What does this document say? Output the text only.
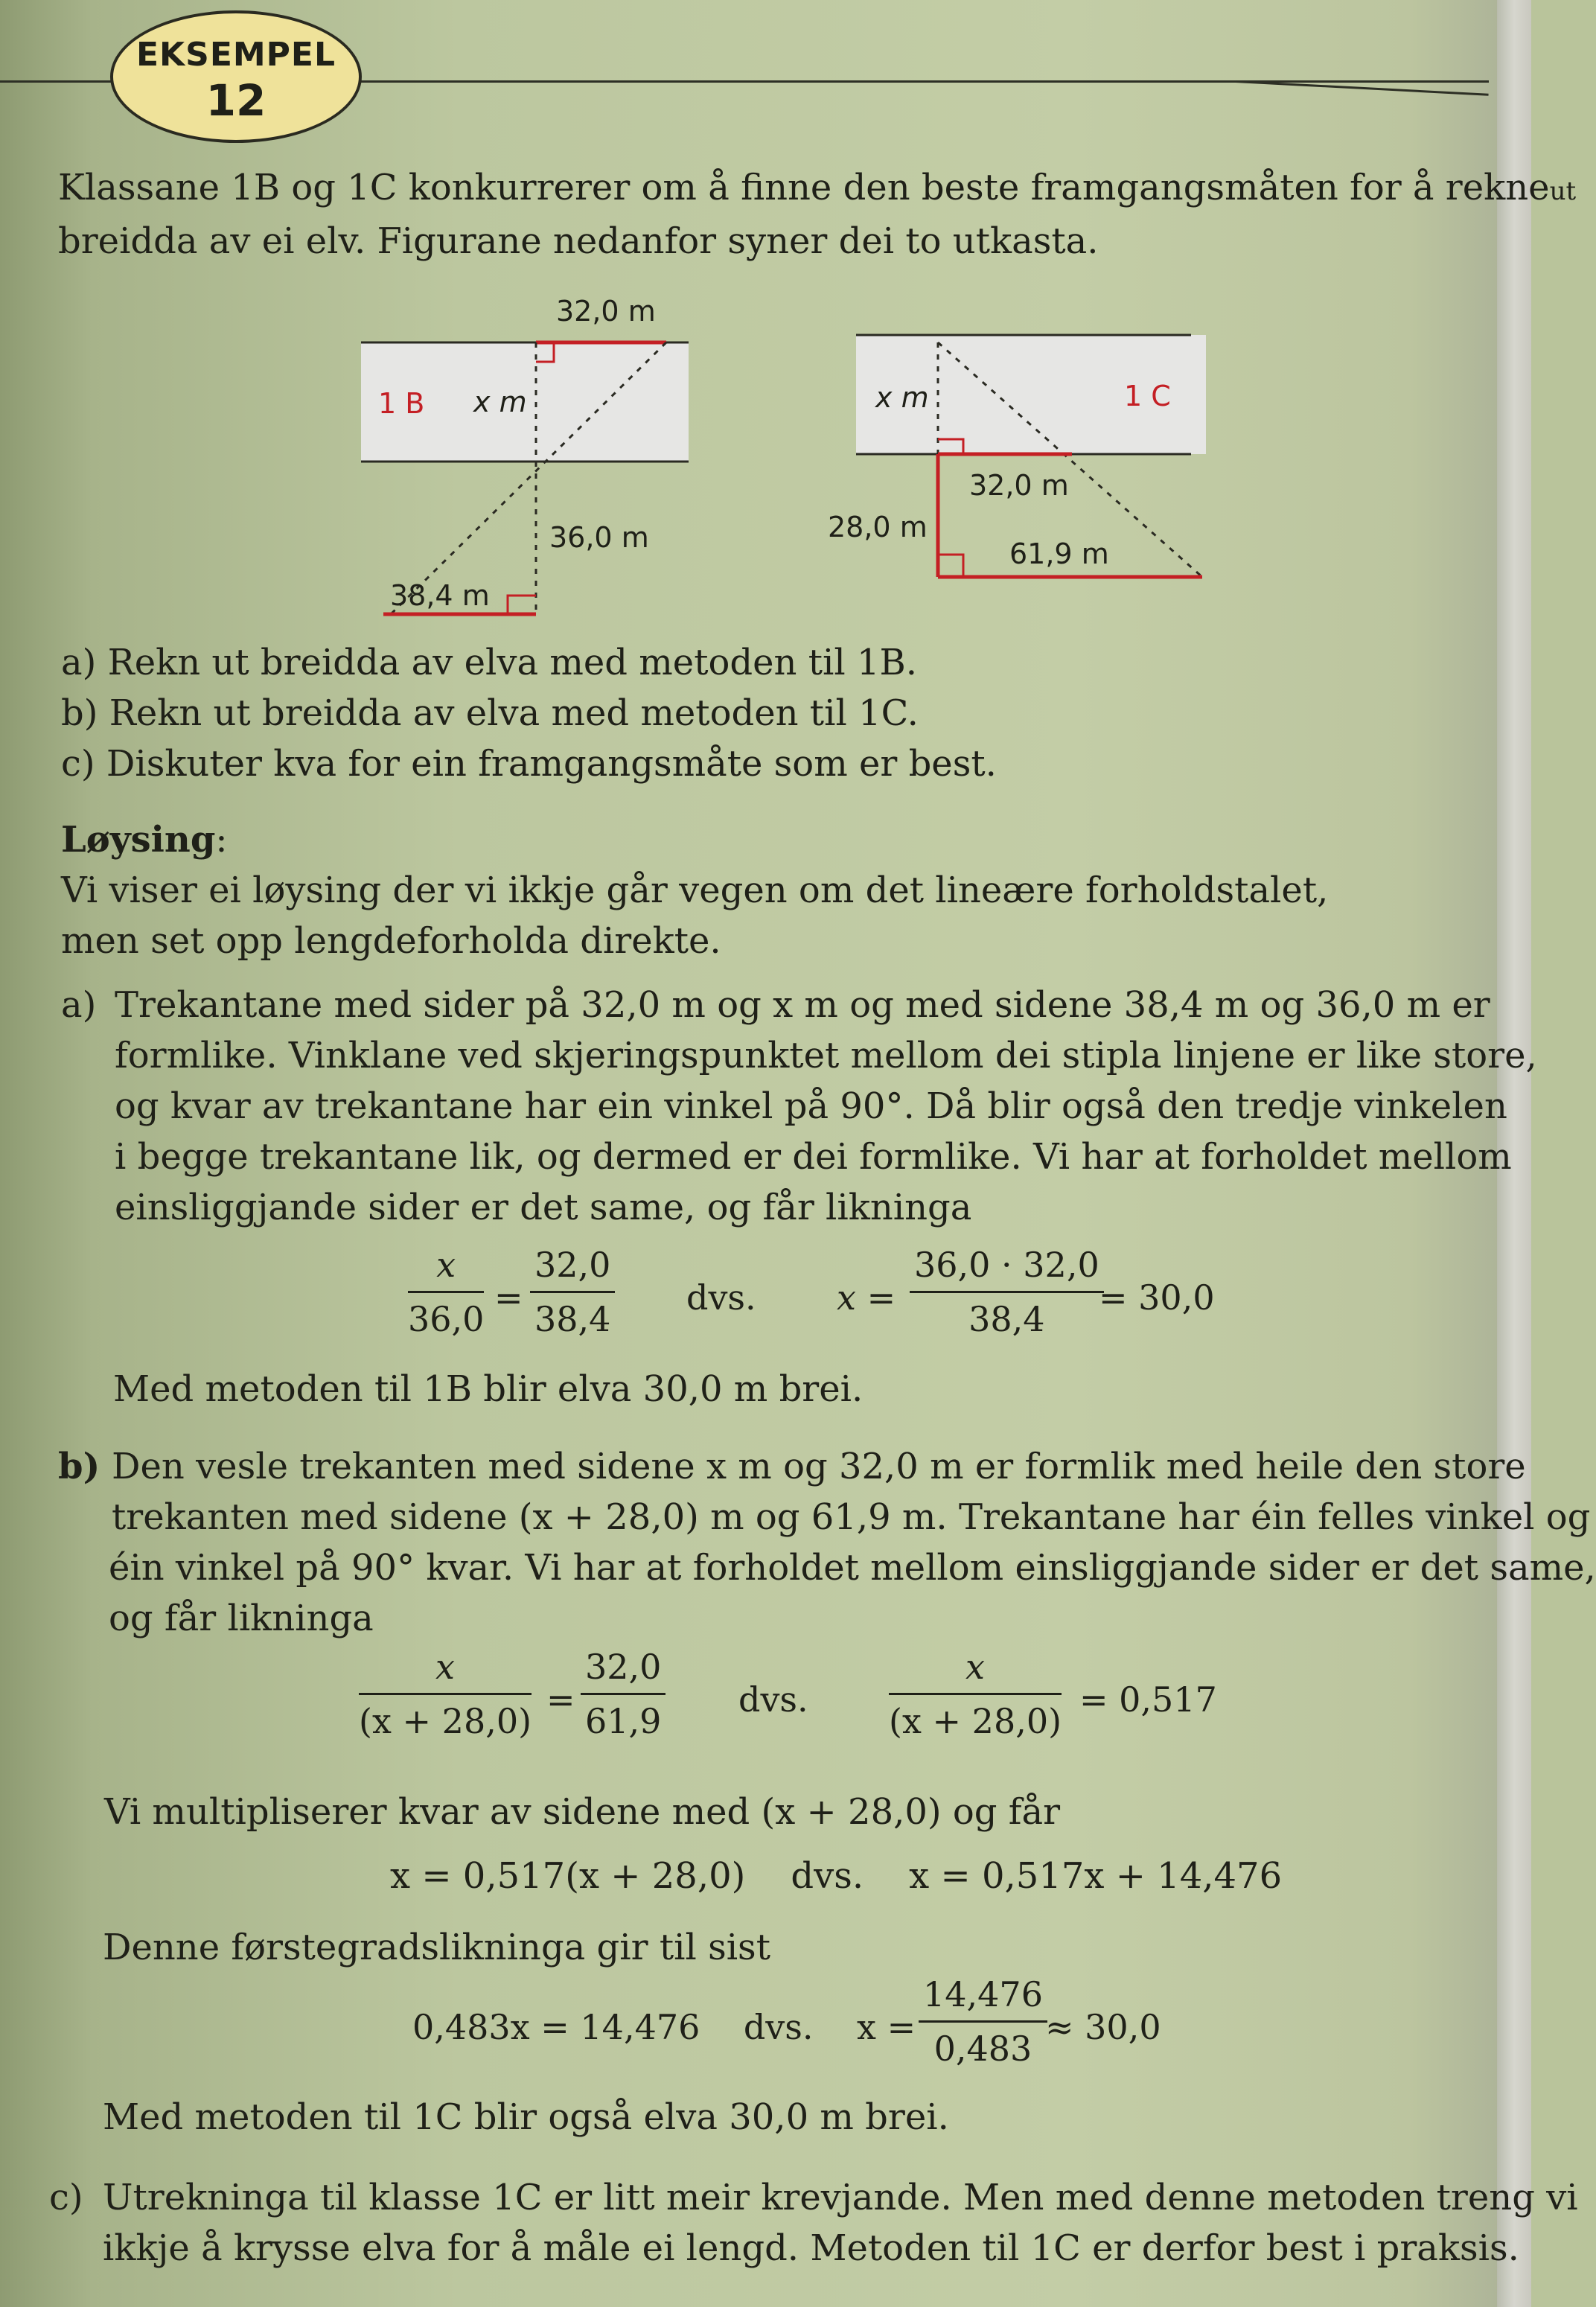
EKSEMPEL
12
Klassane 1B og 1C konkurrerer om å finne den beste framgangsmåten for å rekneut
breidda av ei elv. Figurane nedanfor syner dei to utkasta.
32,0 m
1 B x m
36,0 m
38,4 m
1 C
x m
32,0 m
28,0 m
61,9 m
a) Rekn ut breidda av elva med metoden til 1B.
b) Rekn ut breidda av elva med metoden til 1C.
c) Diskuter kva for ein framgangsmåte som er best.
Løysing:
Vi viser ei løysing der vi ikkje går vegen om det lineære forholdstalet,
men set opp lengdeforholda direkte.
a) Trekantane med sider på 32,0 m og x m og med sidene 38,4 m og 36,0 m er
formlike. Vinklane ved skjeringspunktet mellom dei stipla linjene er like store,
og kvar av trekantane har ein vinkel på 90°. Då blir også den tredje vinkelen
i begge trekantane lik, og dermed er dei formlike. Vi har at forholdet mellom
einsliggjande sider er det same, og får likninga
$\frac{x}{36,0} = \frac{32,0}{38,4}$ dvs. $x = \frac{36,0 \cdot 32,0}{38,4}$
= 30,0
Med metoden til 1B blir elva 30,0 m brei.
b) Den vesle trekanten med sidene x m og 32,0 m er formlik med heile den store
trekanten med sidene (x + 28,0) m og 61,9 m. Trekantane har éin felles vinkel og
éin vinkel på 90° kvar. Vi har at forholdet mellom einsliggjande sider er det same,
og får likninga
$\frac{x}{(x + 28,0)} = \frac{32,0}{61,9}$ dvs. $\frac{x}{(x + 28,0)} = 0,517$
Vi multipliserer kvar av sidene med (x + 28,0) og får
x = 0,517(x + 28,0)    dvs.    x = 0,517x + 14,476
Denne førstegradslikninga gir til sist
0,483x = 14,476    dvs.    $x = \frac{14,476}{0,483}$
≈ 30,0
Med metoden til 1C blir også elva 30,0 m brei.
c) Utrekninga til klasse 1C er litt meir krevjande. Men med denne metoden treng vi
ikkje å krysse elva for å måle ei lengd. Metoden til 1C er derfor best i praksis.
